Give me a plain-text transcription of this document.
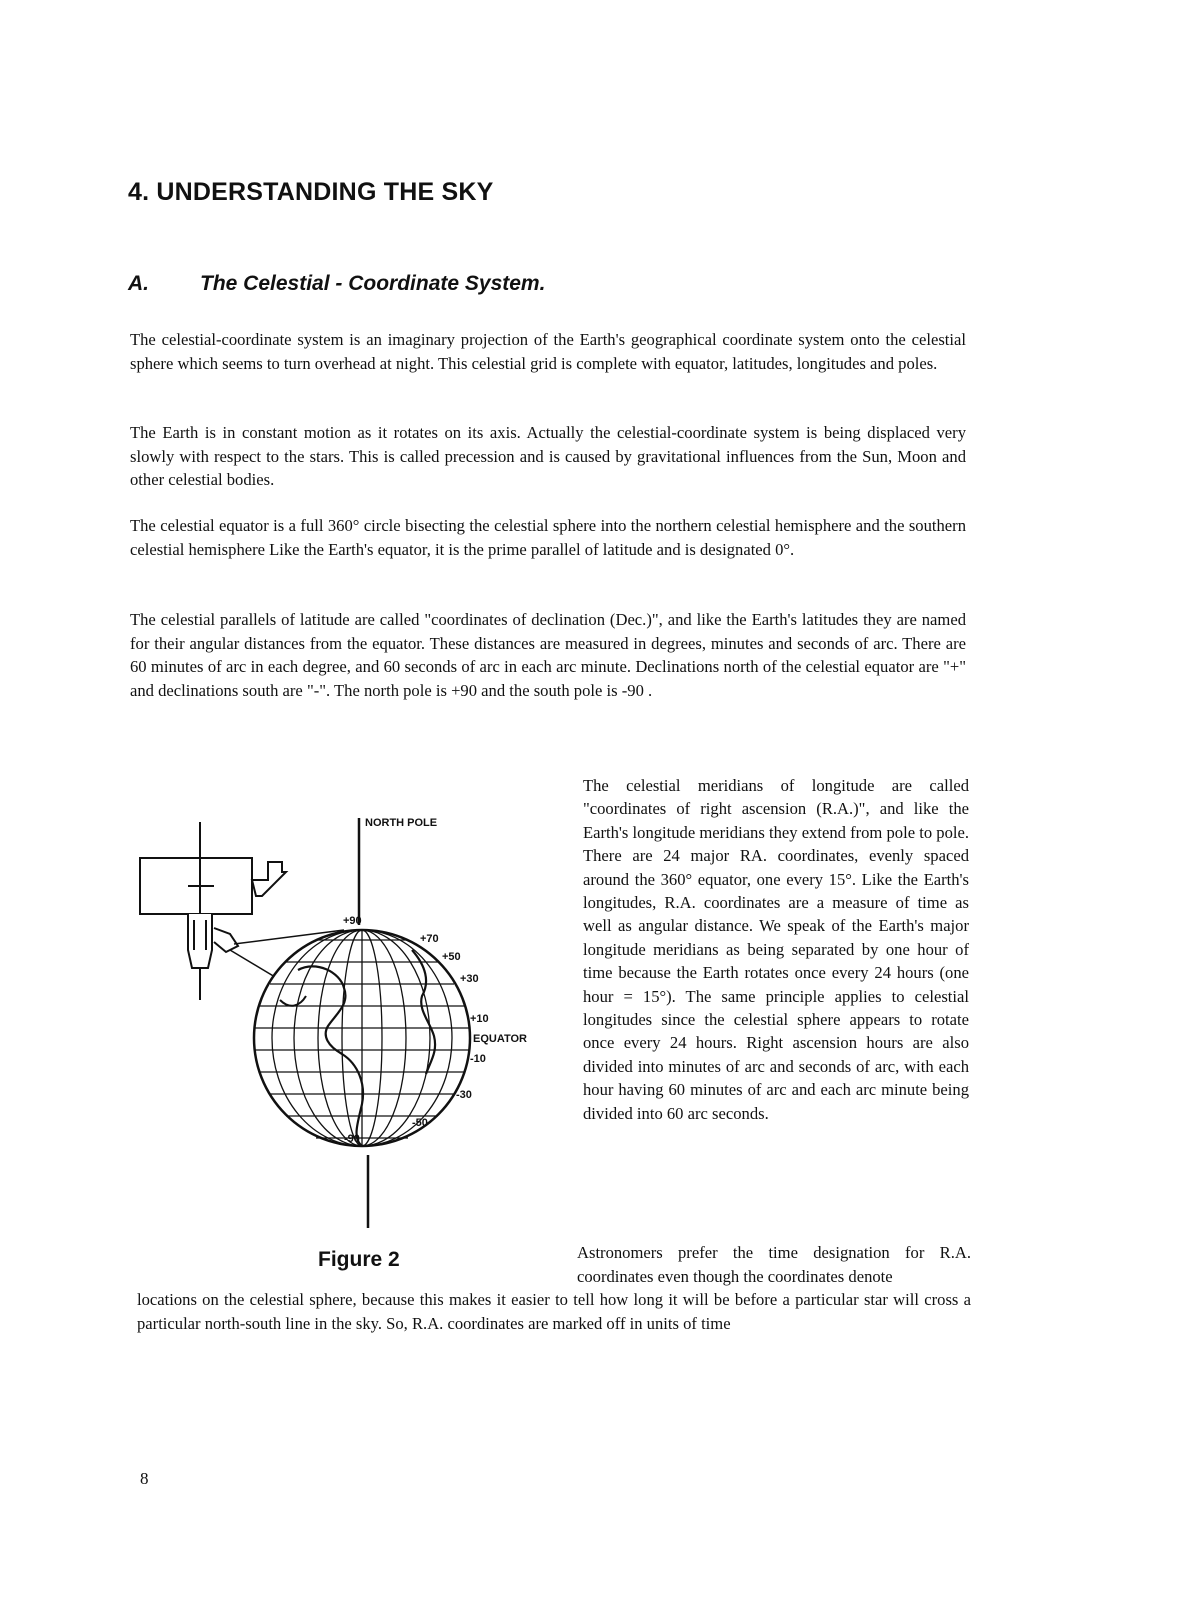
4. UNDERSTANDING THE SKY
A. The Celestial - Coordinate System.

The celestial-coordinate system is an imaginary projection of the Earth's geographical coordinate system onto the celestial sphere which seems to turn overhead at night. This celestial grid is complete with equator, latitudes, longitudes and poles.

The Earth is in constant motion as it rotates on its axis. Actually the celestial-coordinate system is being displaced very slowly with respect to the stars. This is called precession and is caused by gravitational influences from the Sun, Moon and other celestial bodies.

The celestial equator is a full 360° circle bisecting the celestial sphere into the northern celestial hemisphere and the southern celestial hemisphere Like the Earth's equator, it is the prime parallel of latitude and is designated 0°.

The celestial parallels of latitude are called "coordinates of declination (Dec.)", and like the Earth's latitudes they are named for their angular distances from the equator. These distances are measured in degrees, minutes and seconds of arc. There are 60 minutes of arc in each degree, and 60 seconds of arc in each arc minute. Declinations north of the celestial equator are "+" and declinations south are "-". The north pole is +90 and the south pole is -90 .

NORTH POLE
+90
+70
+50
+30
+10
EQUATOR
-10
-30
-50
-90

The celestial meridians of longitude are called "coordinates of right ascension (R.A.)", and like the Earth's longitude meridians they extend from pole to pole. There are 24 major RA. coordinates, evenly spaced around the 360° equator, one every 15°. Like the Earth's longitudes, R.A. coordinates are a measure of time as well as angular distance. We speak of the Earth's major longitude meridians as being separated by one hour of time because the Earth rotates once every 24 hours (one hour = 15°). The same principle applies to celestial longitudes since the celestial sphere appears to rotate once every 24 hours. Right ascension hours are also divided into minutes of arc and seconds of arc, with each hour having 60 minutes of arc and each arc minute being divided into 60 arc seconds.

Figure 2	Astronomers prefer the time designation for R.A. coordinates even though the coordinates denote
locations on the celestial sphere, because this makes it easier to tell how long it will be before a particular star will cross a particular north-south line in the sky. So, R.A. coordinates are marked off in units of time

8
